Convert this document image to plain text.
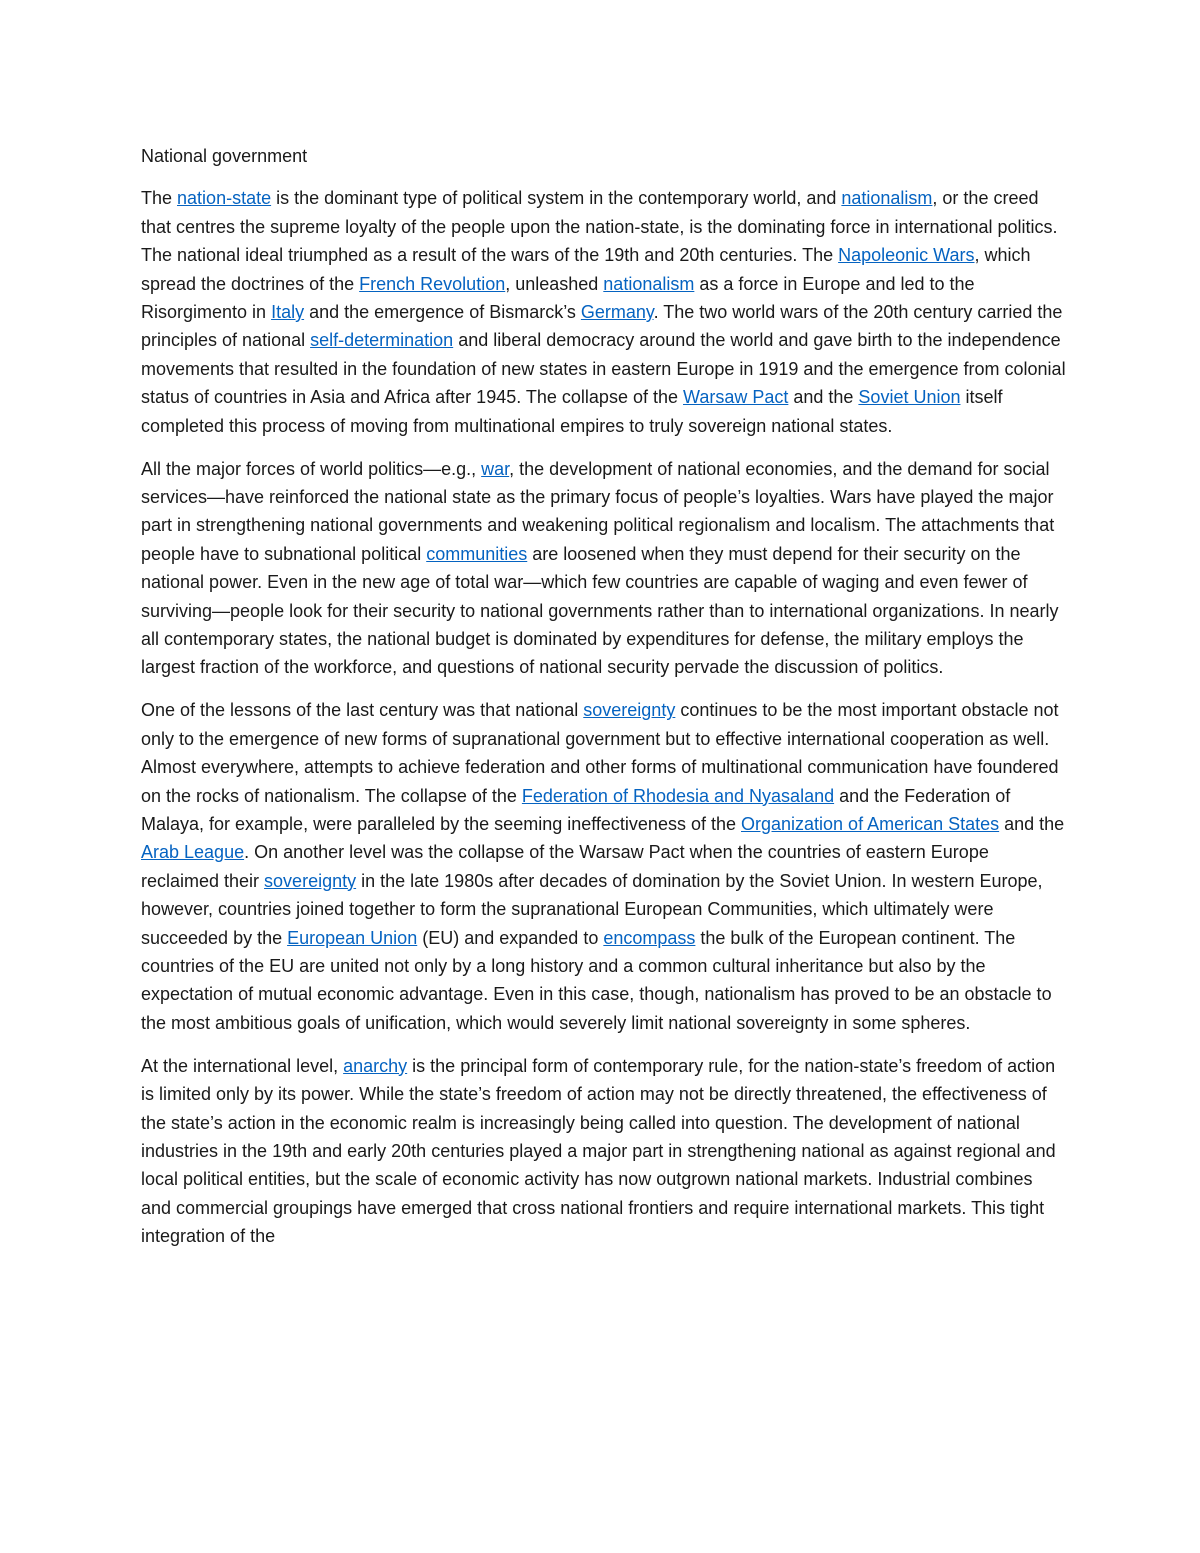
National government

The nation-state is the dominant type of political system in the contemporary world, and nationalism, or the creed that centres the supreme loyalty of the people upon the nation-state, is the dominating force in international politics. The national ideal triumphed as a result of the wars of the 19th and 20th centuries. The Napoleonic Wars, which spread the doctrines of the French Revolution, unleashed nationalism as a force in Europe and led to the Risorgimento in Italy and the emergence of Bismarck’s Germany. The two world wars of the 20th century carried the principles of national self-determination and liberal democracy around the world and gave birth to the independence movements that resulted in the foundation of new states in eastern Europe in 1919 and the emergence from colonial status of countries in Asia and Africa after 1945. The collapse of the Warsaw Pact and the Soviet Union itself completed this process of moving from multinational empires to truly sovereign national states.

All the major forces of world politics—e.g., war, the development of national economies, and the demand for social services—have reinforced the national state as the primary focus of people’s loyalties. Wars have played the major part in strengthening national governments and weakening political regionalism and localism. The attachments that people have to subnational political communities are loosened when they must depend for their security on the national power. Even in the new age of total war—which few countries are capable of waging and even fewer of surviving—people look for their security to national governments rather than to international organizations. In nearly all contemporary states, the national budget is dominated by expenditures for defense, the military employs the largest fraction of the workforce, and questions of national security pervade the discussion of politics.

One of the lessons of the last century was that national sovereignty continues to be the most important obstacle not only to the emergence of new forms of supranational government but to effective international cooperation as well. Almost everywhere, attempts to achieve federation and other forms of multinational communication have foundered on the rocks of nationalism. The collapse of the Federation of Rhodesia and Nyasaland and the Federation of Malaya, for example, were paralleled by the seeming ineffectiveness of the Organization of American States and the Arab League. On another level was the collapse of the Warsaw Pact when the countries of eastern Europe reclaimed their sovereignty in the late 1980s after decades of domination by the Soviet Union. In western Europe, however, countries joined together to form the supranational European Communities, which ultimately were succeeded by the European Union (EU) and expanded to encompass the bulk of the European continent. The countries of the EU are united not only by a long history and a common cultural inheritance but also by the expectation of mutual economic advantage. Even in this case, though, nationalism has proved to be an obstacle to the most ambitious goals of unification, which would severely limit national sovereignty in some spheres.

At the international level, anarchy is the principal form of contemporary rule, for the nation-state’s freedom of action is limited only by its power. While the state’s freedom of action may not be directly threatened, the effectiveness of the state’s action in the economic realm is increasingly being called into question. The development of national industries in the 19th and early 20th centuries played a major part in strengthening national as against regional and local political entities, but the scale of economic activity has now outgrown national markets. Industrial combines and commercial groupings have emerged that cross national frontiers and require international markets. This tight integration of the
